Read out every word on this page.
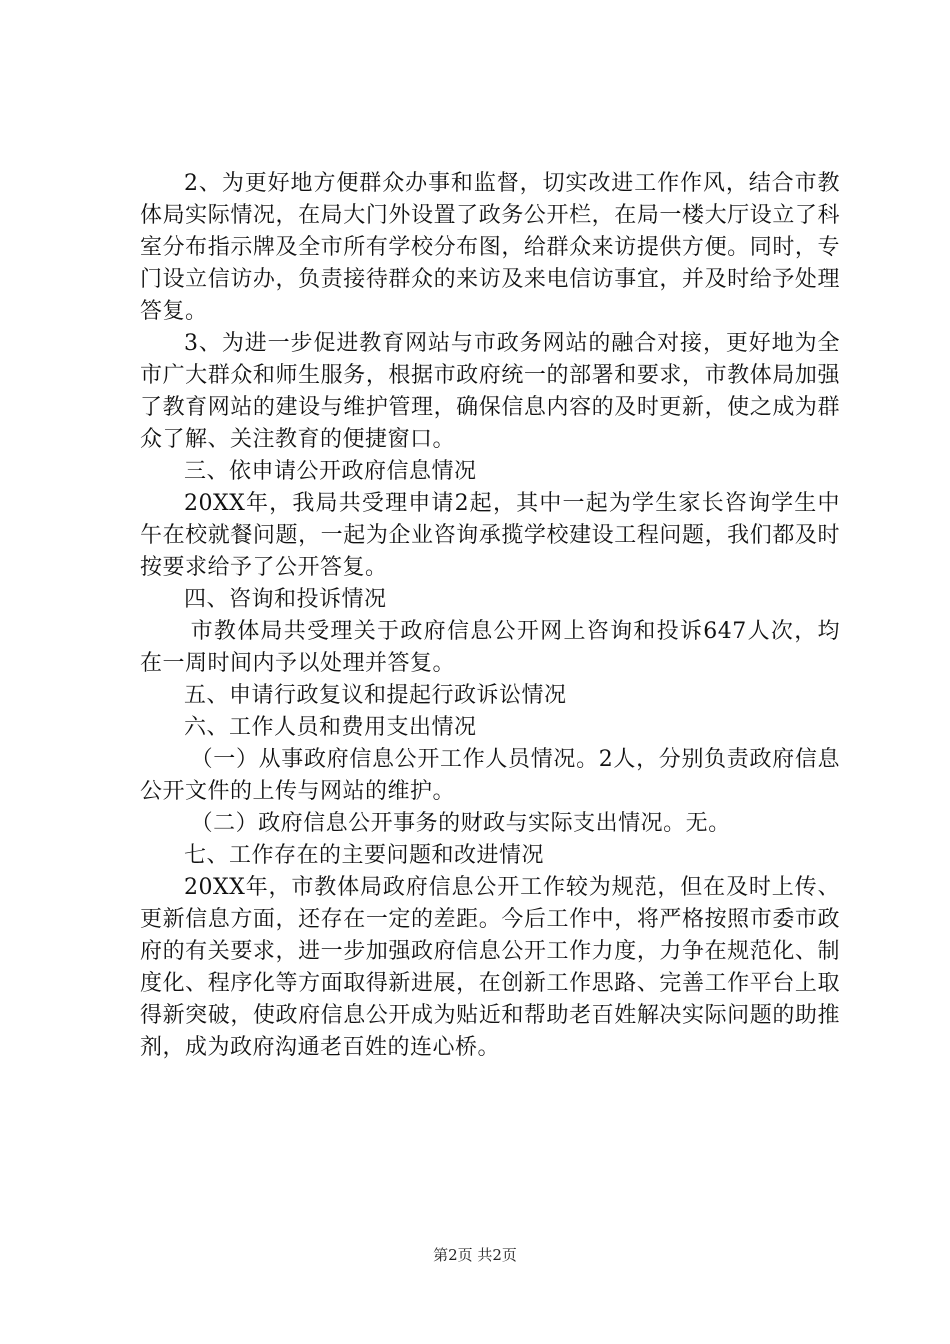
2、为更好地方便群众办事和监督，切实改进工作作风，结合市教体局实际情况，在局大门外设置了政务公开栏，在局一楼大厅设立了科室分布指示牌及全市所有学校分布图，给群众来访提供方便。同时，专门设立信访办，负责接待群众的来访及来电信访事宜，并及时给予处理答复。

3、为进一步促进教育网站与市政务网站的融合对接，更好地为全市广大群众和师生服务，根据市政府统一的部署和要求，市教体局加强了教育网站的建设与维护管理，确保信息内容的及时更新，使之成为群众了解、关注教育的便捷窗口。

三、依申请公开政府信息情况

20XX年，我局共受理申请2起，其中一起为学生家长咨询学生中午在校就餐问题，一起为企业咨询承揽学校建设工程问题，我们都及时按要求给予了公开答复。

四、咨询和投诉情况

市教体局共受理关于政府信息公开网上咨询和投诉647人次，均在一周时间内予以处理并答复。

五、申请行政复议和提起行政诉讼情况

六、工作人员和费用支出情况

（一）从事政府信息公开工作人员情况。2人，分别负责政府信息公开文件的上传与网站的维护。

（二）政府信息公开事务的财政与实际支出情况。无。

七、工作存在的主要问题和改进情况

20XX年，市教体局政府信息公开工作较为规范，但在及时上传、更新信息方面，还存在一定的差距。今后工作中，将严格按照市委市政府的有关要求，进一步加强政府信息公开工作力度，力争在规范化、制度化、程序化等方面取得新进展，在创新工作思路、完善工作平台上取得新突破，使政府信息公开成为贴近和帮助老百姓解决实际问题的助推剂，成为政府沟通老百姓的连心桥。

第2页 共2页
